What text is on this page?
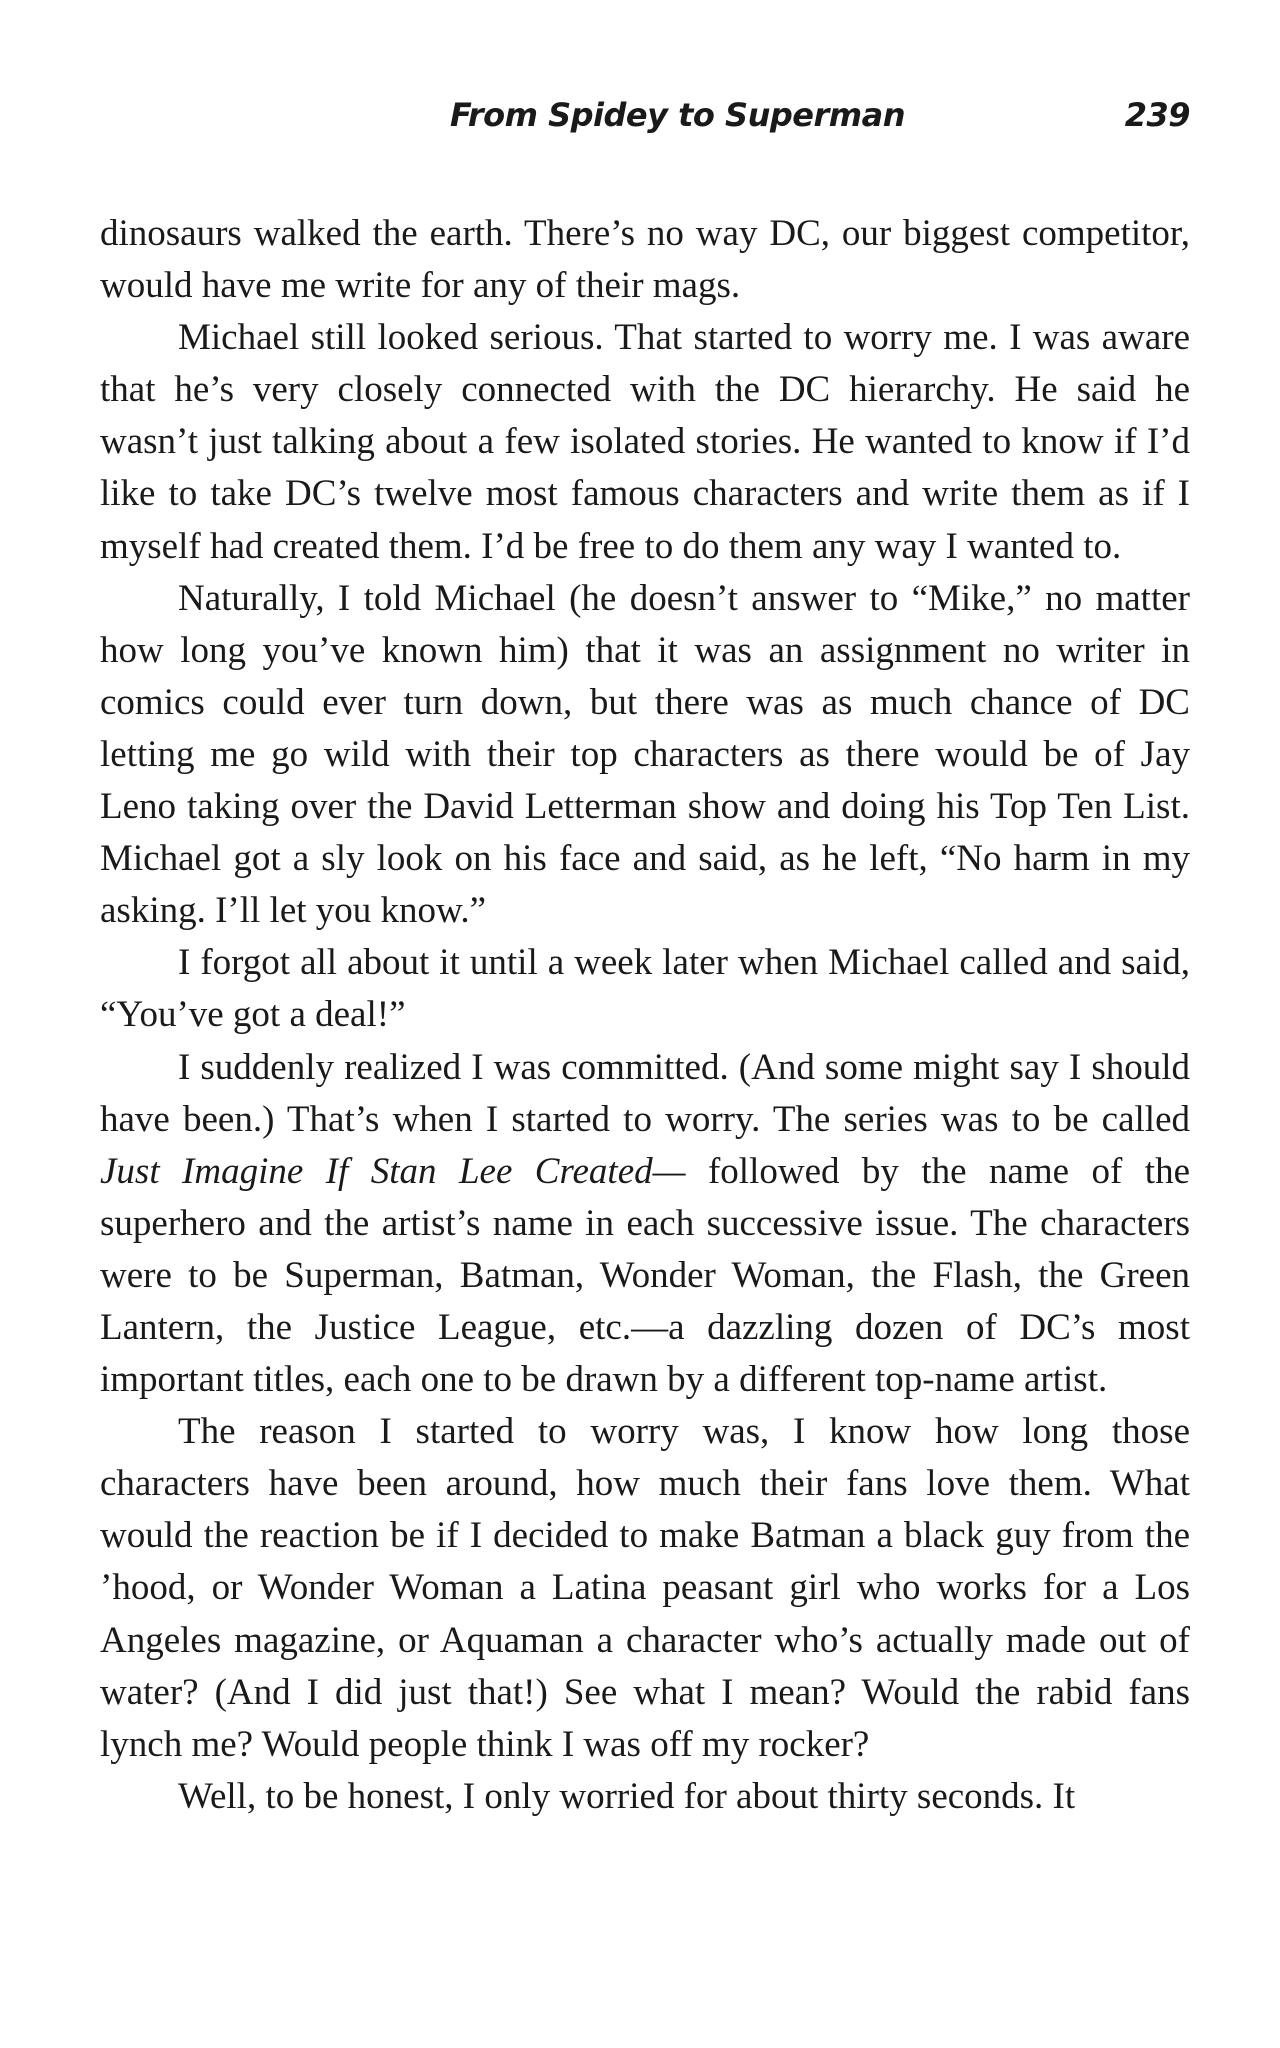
From Spidey to Superman	239

dinosaurs walked the earth. There’s no way DC, our biggest competitor, would have me write for any of their mags.

Michael still looked serious. That started to worry me. I was aware that he’s very closely connected with the DC hierarchy. He said he wasn’t just talking about a few isolated stories. He wanted to know if I’d like to take DC’s twelve most famous characters and write them as if I myself had created them. I’d be free to do them any way I wanted to.

Naturally, I told Michael (he doesn’t answer to “Mike,” no matter how long you’ve known him) that it was an assignment no writer in comics could ever turn down, but there was as much chance of DC letting me go wild with their top characters as there would be of Jay Leno taking over the David Letterman show and doing his Top Ten List. Michael got a sly look on his face and said, as he left, “No harm in my asking. I’ll let you know.”

I forgot all about it until a week later when Michael called and said, “You’ve got a deal!”

I suddenly realized I was committed. (And some might say I should have been.) That’s when I started to worry. The series was to be called Just Imagine If Stan Lee Created— followed by the name of the superhero and the artist’s name in each successive issue. The characters were to be Superman, Batman, Wonder Woman, the Flash, the Green Lantern, the Justice League, etc.—a dazzling dozen of DC’s most important titles, each one to be drawn by a different top-name artist.

The reason I started to worry was, I know how long those characters have been around, how much their fans love them. What would the reaction be if I decided to make Batman a black guy from the ’hood, or Wonder Woman a Latina peasant girl who works for a Los Angeles magazine, or Aquaman a character who’s actually made out of water? (And I did just that!) See what I mean? Would the rabid fans lynch me? Would people think I was off my rocker?

Well, to be honest, I only worried for about thirty seconds. It
